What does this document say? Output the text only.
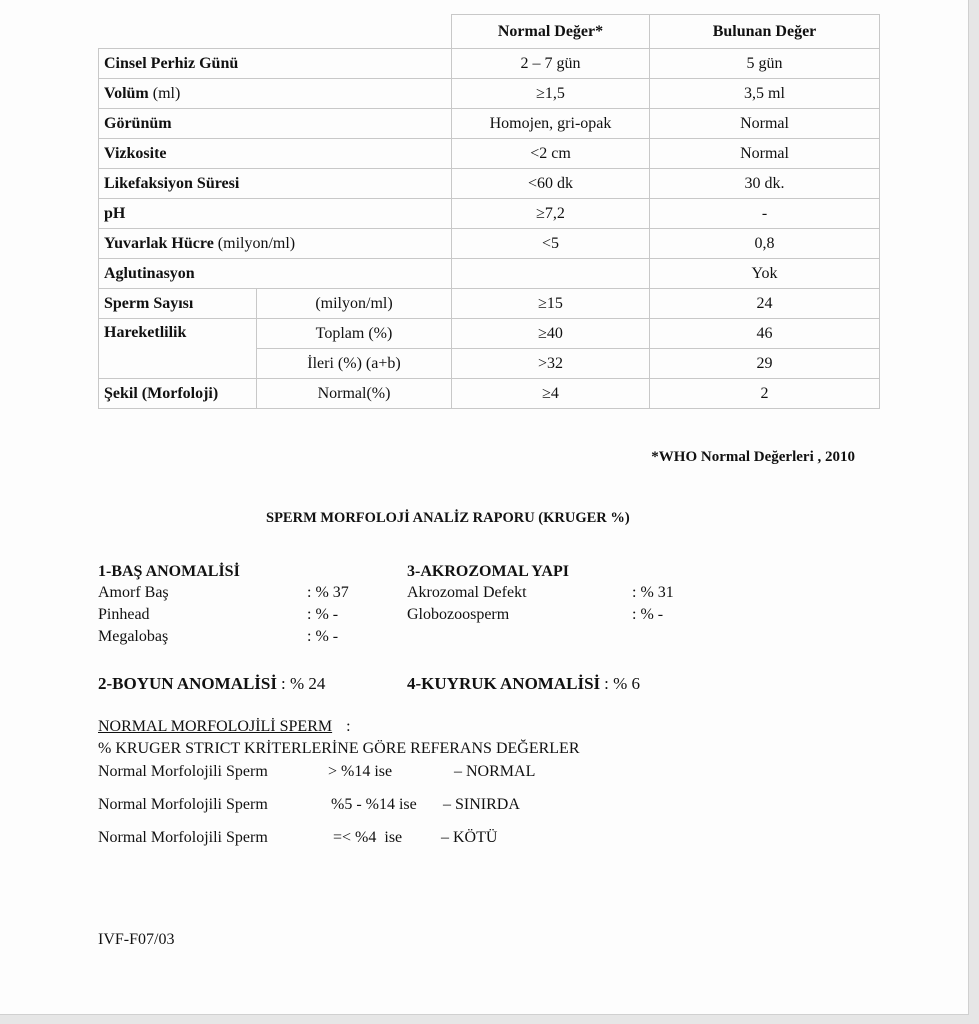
		Normal Değer*	Bulunan Değer
Cinsel Perhiz Günü		2 – 7 gün	5 gün
Volüm (ml)		≥1,5	3,5 ml
Görünüm		Homojen, gri-opak	Normal
Vizkosite		<2 cm	Normal
Likefaksiyon Süresi		<60 dk	30 dk.
pH		≥7,2	-
Yuvarlak Hücre (milyon/ml)		<5	0,8
Aglutinasyon			Yok
Sperm Sayısı	(milyon/ml)	≥15	24
Hareketlilik	Toplam (%)	≥40	46
	İleri (%) (a+b)	>32	29
Şekil (Morfoloji)	Normal(%)	≥4	2
*WHO Normal Değerleri , 2010
SPERM MORFOLOJİ ANALİZ RAPORU (KRUGER %)
1-BAŞ ANOMALİSİ
Amorf Baş	: % 37
Pinhead	: % -
Megalobaş	: % -
3-AKROZOMAL YAPI
Akrozomal Defekt	: % 31
Globozoosperm	: % -
2-BOYUN ANOMALİSİ : % 24	4-KUYRUK ANOMALİSİ : % 6
NORMAL MORFOLOJİLİ SPERM :
% KRUGER STRICT KRİTERLERİNE GÖRE REFERANS DEĞERLER
Normal Morfolojili Sperm	> %14 ise	– NORMAL
Normal Morfolojili Sperm	%5 - %14 ise – SINIRDA
Normal Morfolojili Sperm	=< %4  ise – KÖTÜ
IVF-F07/03
